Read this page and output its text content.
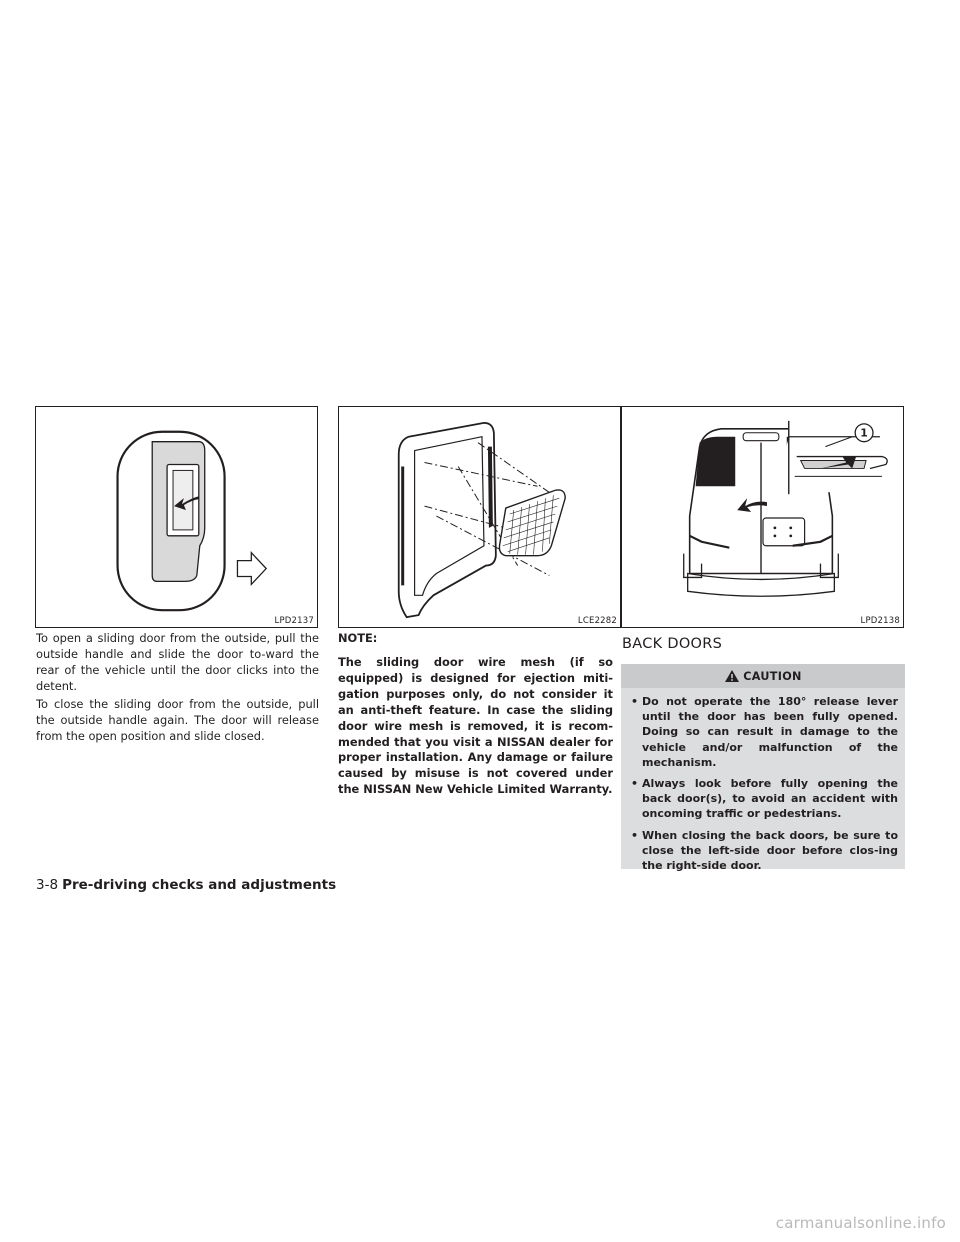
LPD2137	LCE2282
1
LPD2138

To open a sliding door from the outside, pull the outside handle and slide the door to-ward the rear of the vehicle until the door clicks into the detent.

To close the sliding door from the outside, pull the outside handle again. The door will release from the open position and slide closed.

NOTE:

The sliding door wire mesh (if so equipped) is designed for ejection miti-gation purposes only, do not consider it an anti-theft feature. In case the sliding door wire mesh is removed, it is recom-mended that you visit a NISSAN dealer for proper installation. Any damage or failure caused by misuse is not covered under the NISSAN New Vehicle Limited Warranty.

BACK DOORS
CAUTION
• Do not operate the 180° release lever until the door has been fully opened. Doing so can result in damage to the vehicle and/or malfunction of the mechanism.
• Always look before fully opening the back door(s), to avoid an accident with oncoming traffic or pedestrians.
• When closing the back doors, be sure to close the left-side door before clos-ing the right-side door.
3-8 Pre-driving checks and adjustments
carmanualsonline.info
